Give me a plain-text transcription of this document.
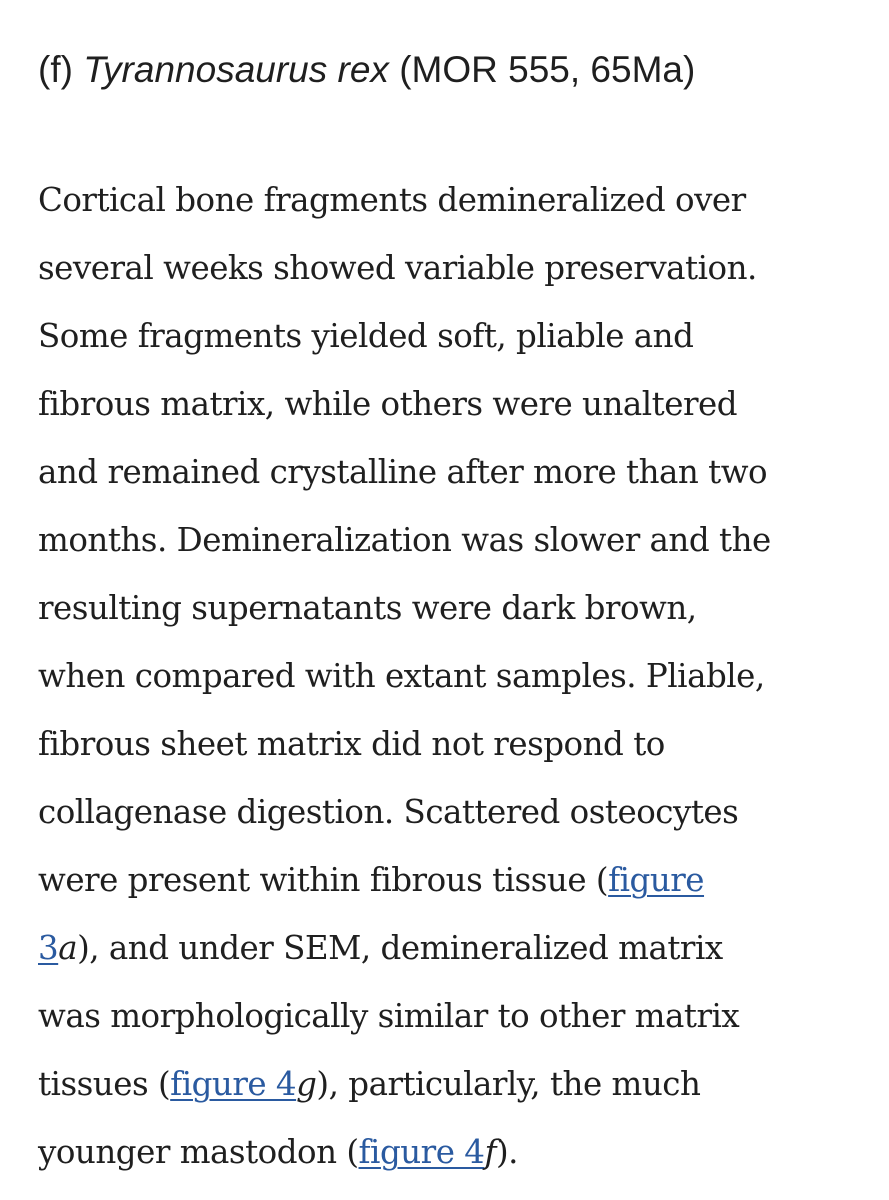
(f) Tyrannosaurus rex (MOR 555, 65Ma)

Cortical bone fragments demineralized over
several weeks showed variable preservation.
Some fragments yielded soft, pliable and
fibrous matrix, while others were unaltered
and remained crystalline after more than two
months. Demineralization was slower and the
resulting supernatants were dark brown,
when compared with extant samples. Pliable,
fibrous sheet matrix did not respond to
collagenase digestion. Scattered osteocytes
were present within fibrous tissue (figure
3a), and under SEM, demineralized matrix
was morphologically similar to other matrix
tissues (figure 4g), particularly, the much
younger mastodon (figure 4f).
